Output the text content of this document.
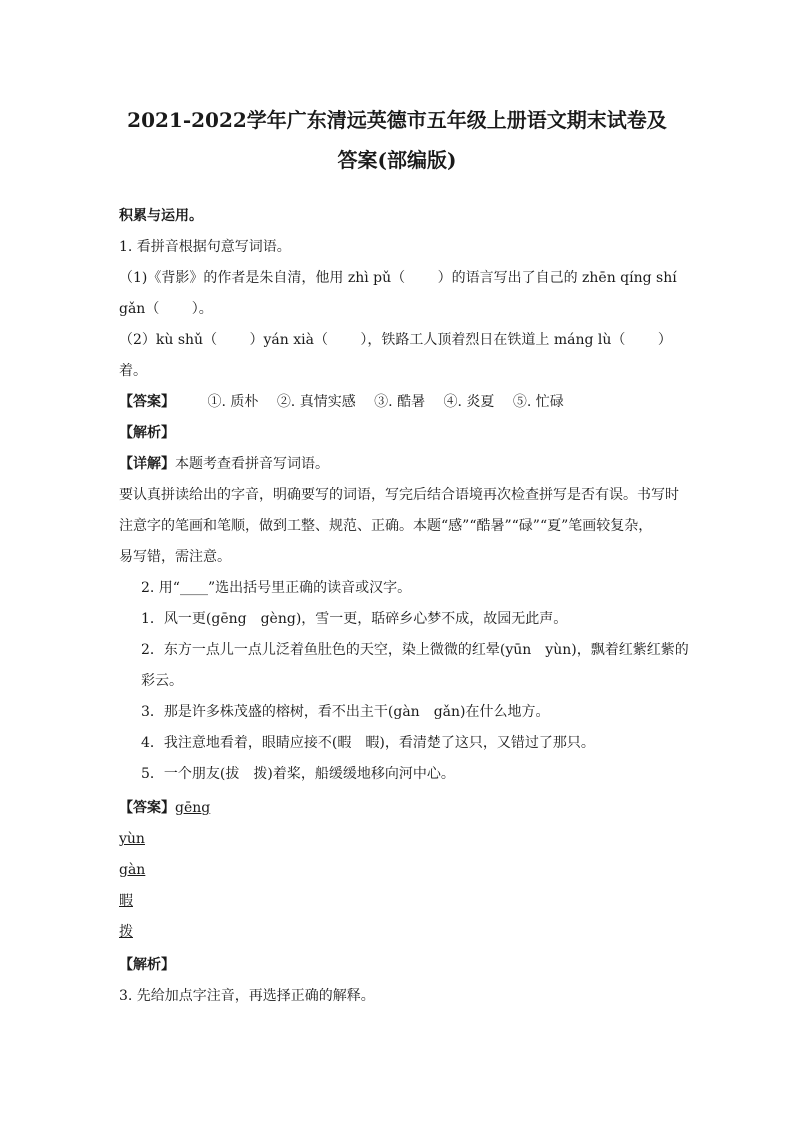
2021-2022学年广东清远英德市五年级上册语文期末试卷及
答案(部编版)
积累与运用。
1. 看拼音根据句意写词语。
（1)《背影》的作者是朱自清，他用 zhì pǔ（　　 ）的语言写出了自己的 zhēn qíng shí
gǎn（　　 ）。
（2）kù shǔ（　　 ）yán xià（　　 ），铁路工人顶着烈日在铁道上 máng lù（　　 ）
着。
【答案】 ①. 质朴 ②. 真情实感 ③. 酷暑 ④. 炎夏 ⑤. 忙碌
【解析】
【详解】本题考查看拼音写词语。
要认真拼读给出的字音，明确要写的词语，写完后结合语境再次检查拼写是否有误。书写时
注意字的笔画和笔顺，做到工整、规范、正确。本题“感”“酷暑”“碌”“夏”笔画较复杂，
易写错，需注意。
2. 用“____”选出括号里正确的读音或汉字。
1．风一更(gēng　gèng)，雪一更，聒碎乡心梦不成，故园无此声。
2．东方一点儿一点儿泛着鱼肚色的天空，染上微微的红晕(yūn　yùn)，飘着红紫红紫的
彩云。
3．那是许多株茂盛的榕树，看不出主干(gàn　gǎn)在什么地方。
4．我注意地看着，眼睛应接不(暇　暇)，看清楚了这只，又错过了那只。
5．一个朋友(拔　拨)着桨，船缓缓地移向河中心。
【答案】gēng
yùn
gàn
暇
拨
【解析】
3. 先给加点字注音，再选择正确的解释。
